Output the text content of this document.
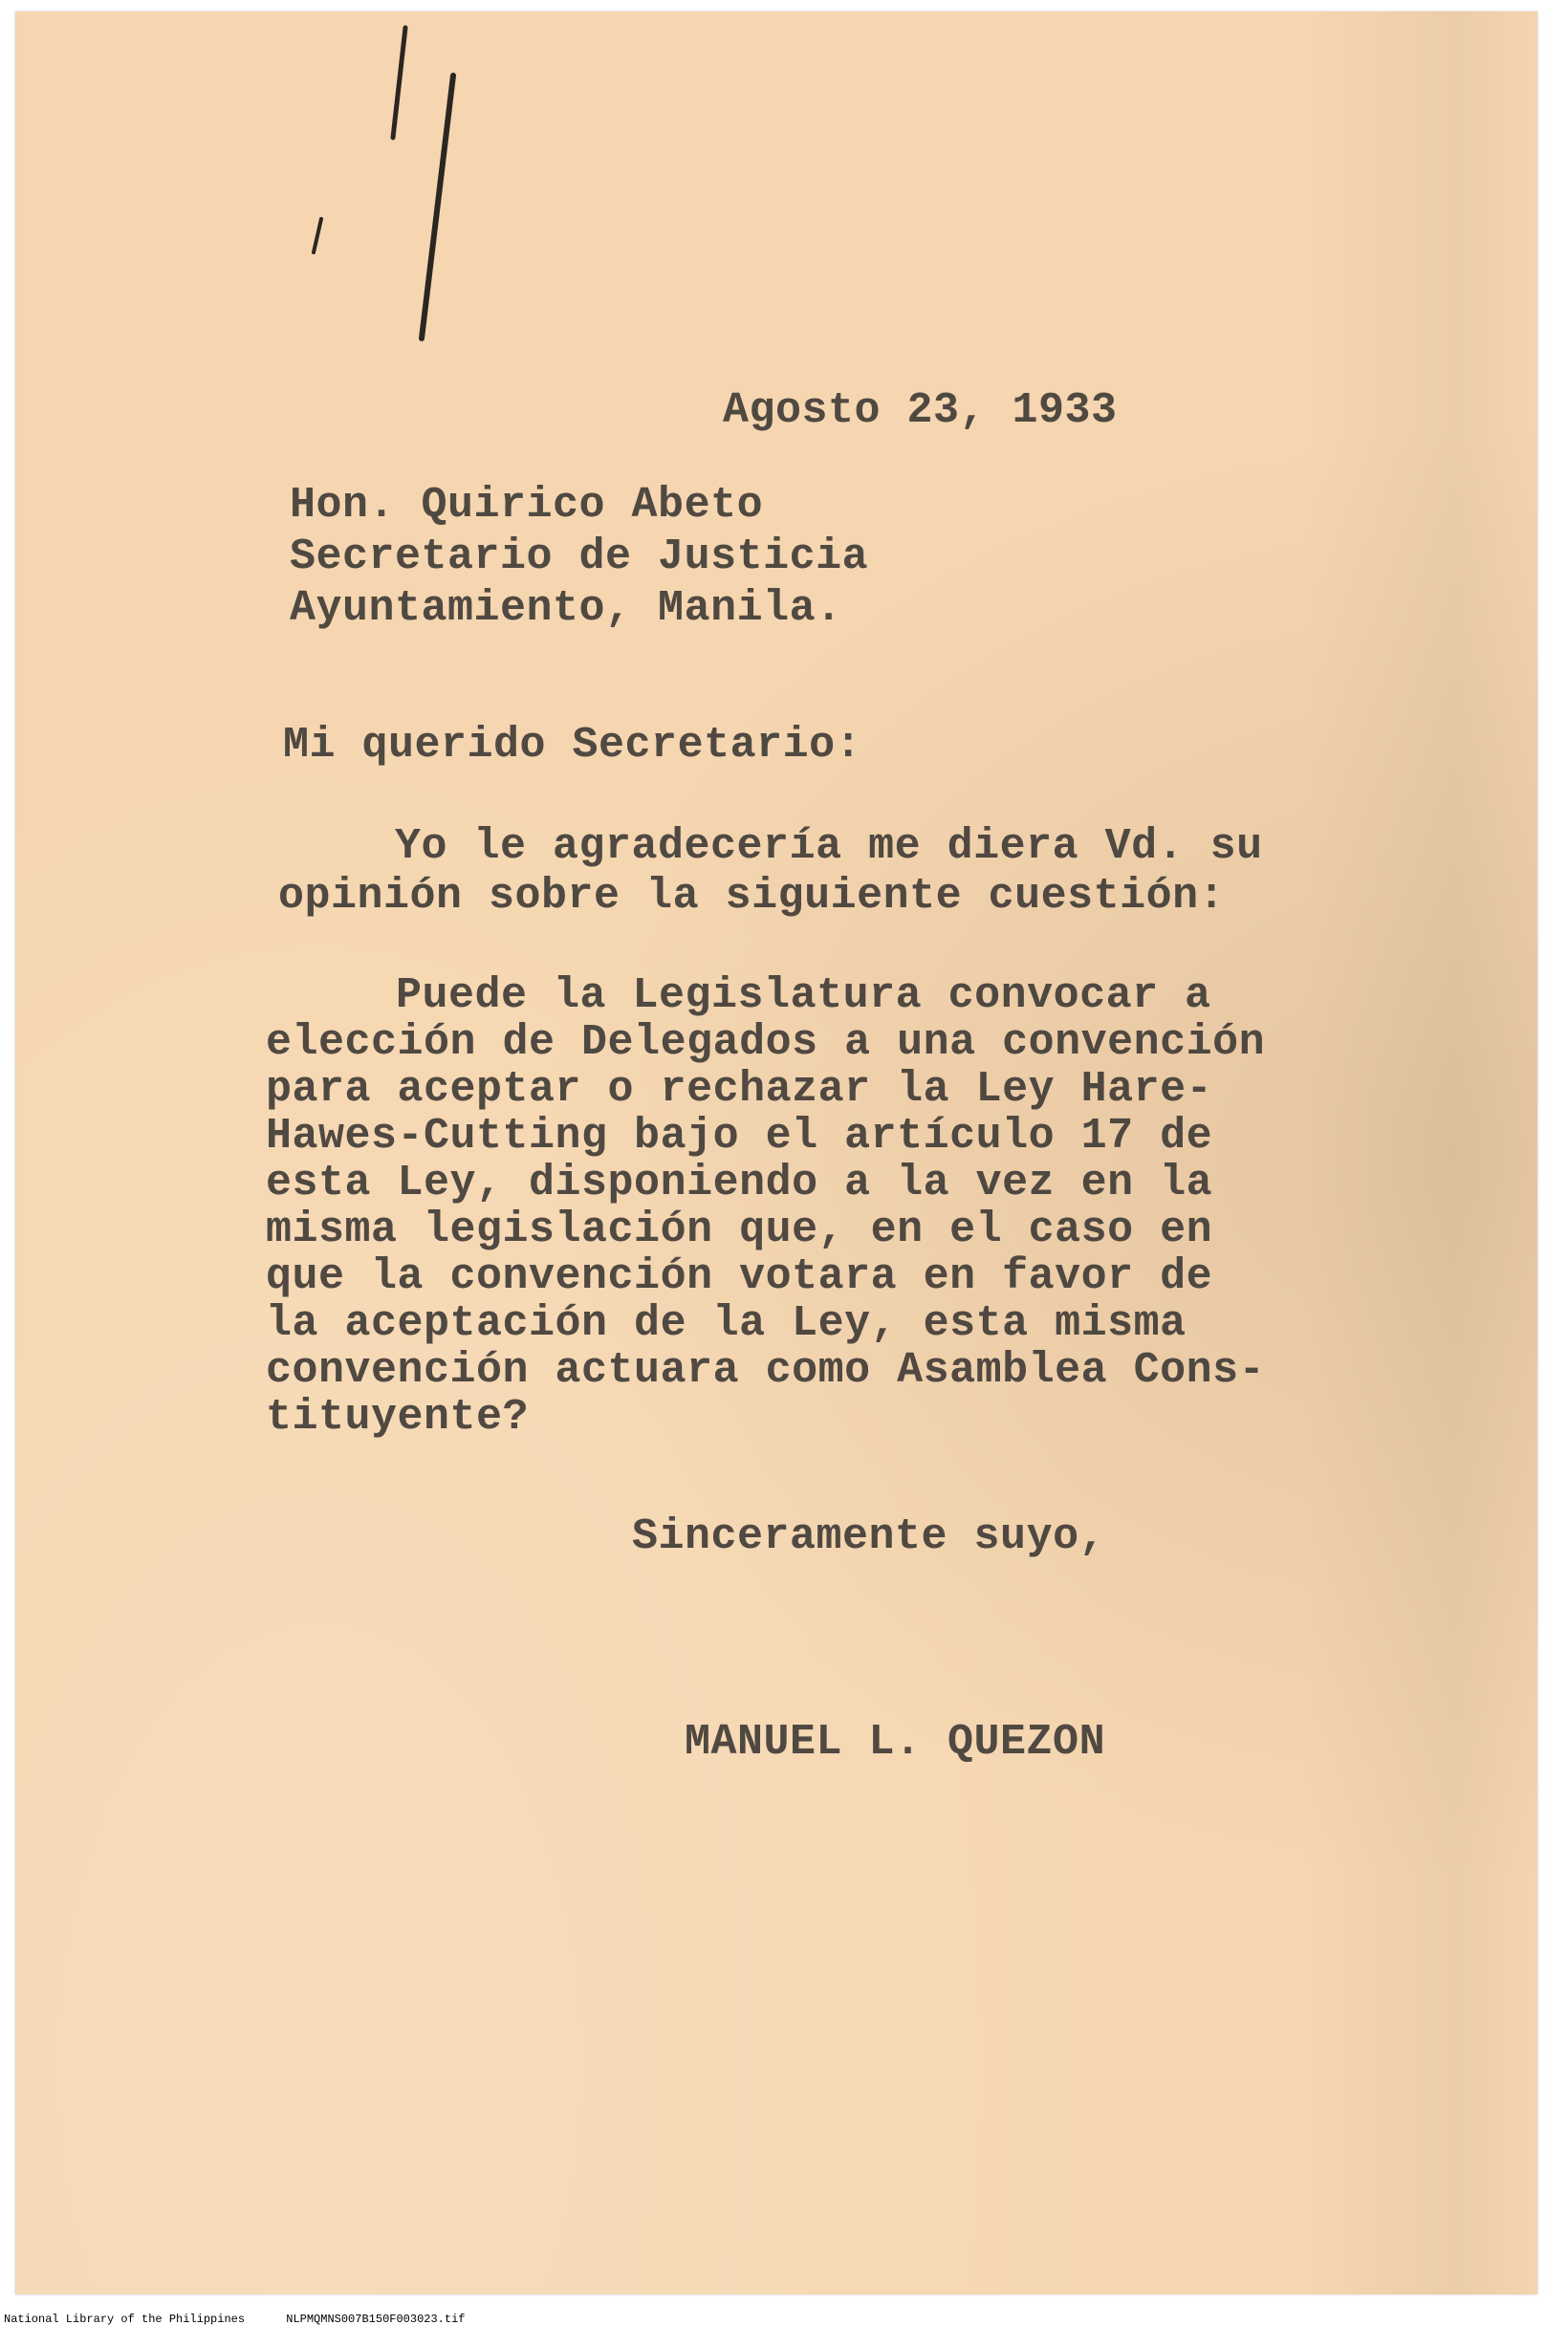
Agosto 23, 1933

Hon. Quirico Abeto
Secretario de Justicia
Ayuntamiento, Manila.

Mi querido Secretario:

Yo le agradecería me diera Vd. su
opinión sobre la siguiente cuestión:
Puede la Legislatura convocar a
elección de Delegados a una convención
para aceptar o rechazar la Ley Hare-
Hawes-Cutting bajo el artículo 17 de
esta Ley, disponiendo a la vez en la
misma legislación que, en el caso en
que la convención votara en favor de
la aceptación de la Ley, esta misma
convención actuara como Asamblea Cons-
tituyente?

Sinceramente suyo,

MANUEL L. QUEZON

National Library of the Philippines	NLPMQMNS007B150F003023.tif
